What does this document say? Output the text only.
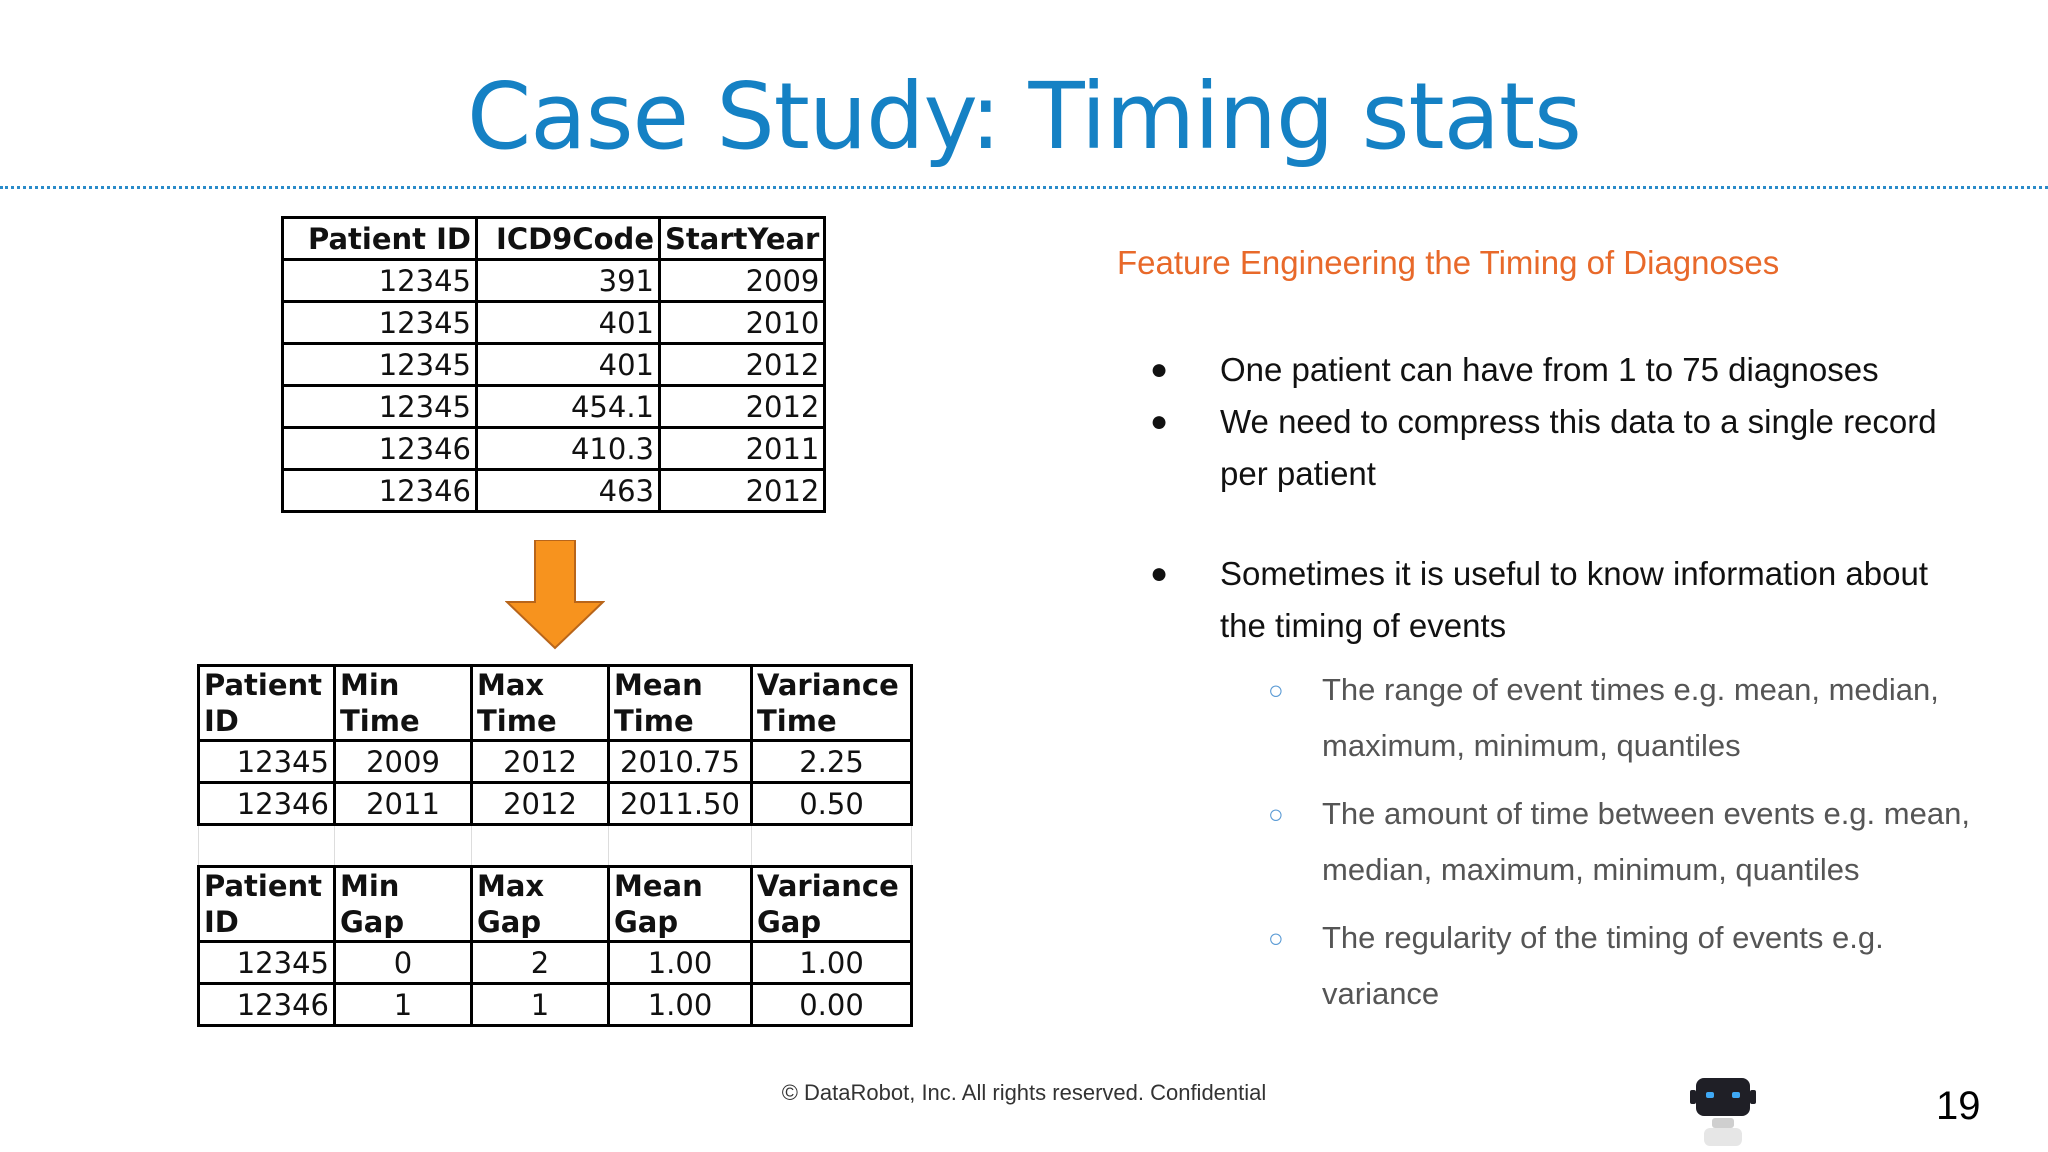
Case Study: Timing stats
Patient ID	ICD9Code	StartYear
12345	391	2009
12345	401	2010
12345	401	2012
12345	454.1	2012
12346	410.3	2011
12346	463	2012
Patient ID	Min Time	Max Time	Mean Time	Variance Time
12345	2009	2012	2010.75	2.25
12346	2011	2012	2011.50	0.50

Patient ID	Min Gap	Max Gap	Mean Gap	Variance Gap
12345	0	2	1.00	1.00
12346	1	1	1.00	0.00
Feature Engineering the Timing of Diagnoses
● One patient can have from 1 to 75 diagnoses
● We need to compress this data to a single record
per patient
● Sometimes it is useful to know information about
the timing of events
○ The range of event times e.g. mean, median,
maximum, minimum, quantiles
○ The amount of time between events e.g. mean,
median, maximum, minimum, quantiles
○ The regularity of the timing of events e.g.
variance
© DataRobot, Inc. All rights reserved. Confidential	19
